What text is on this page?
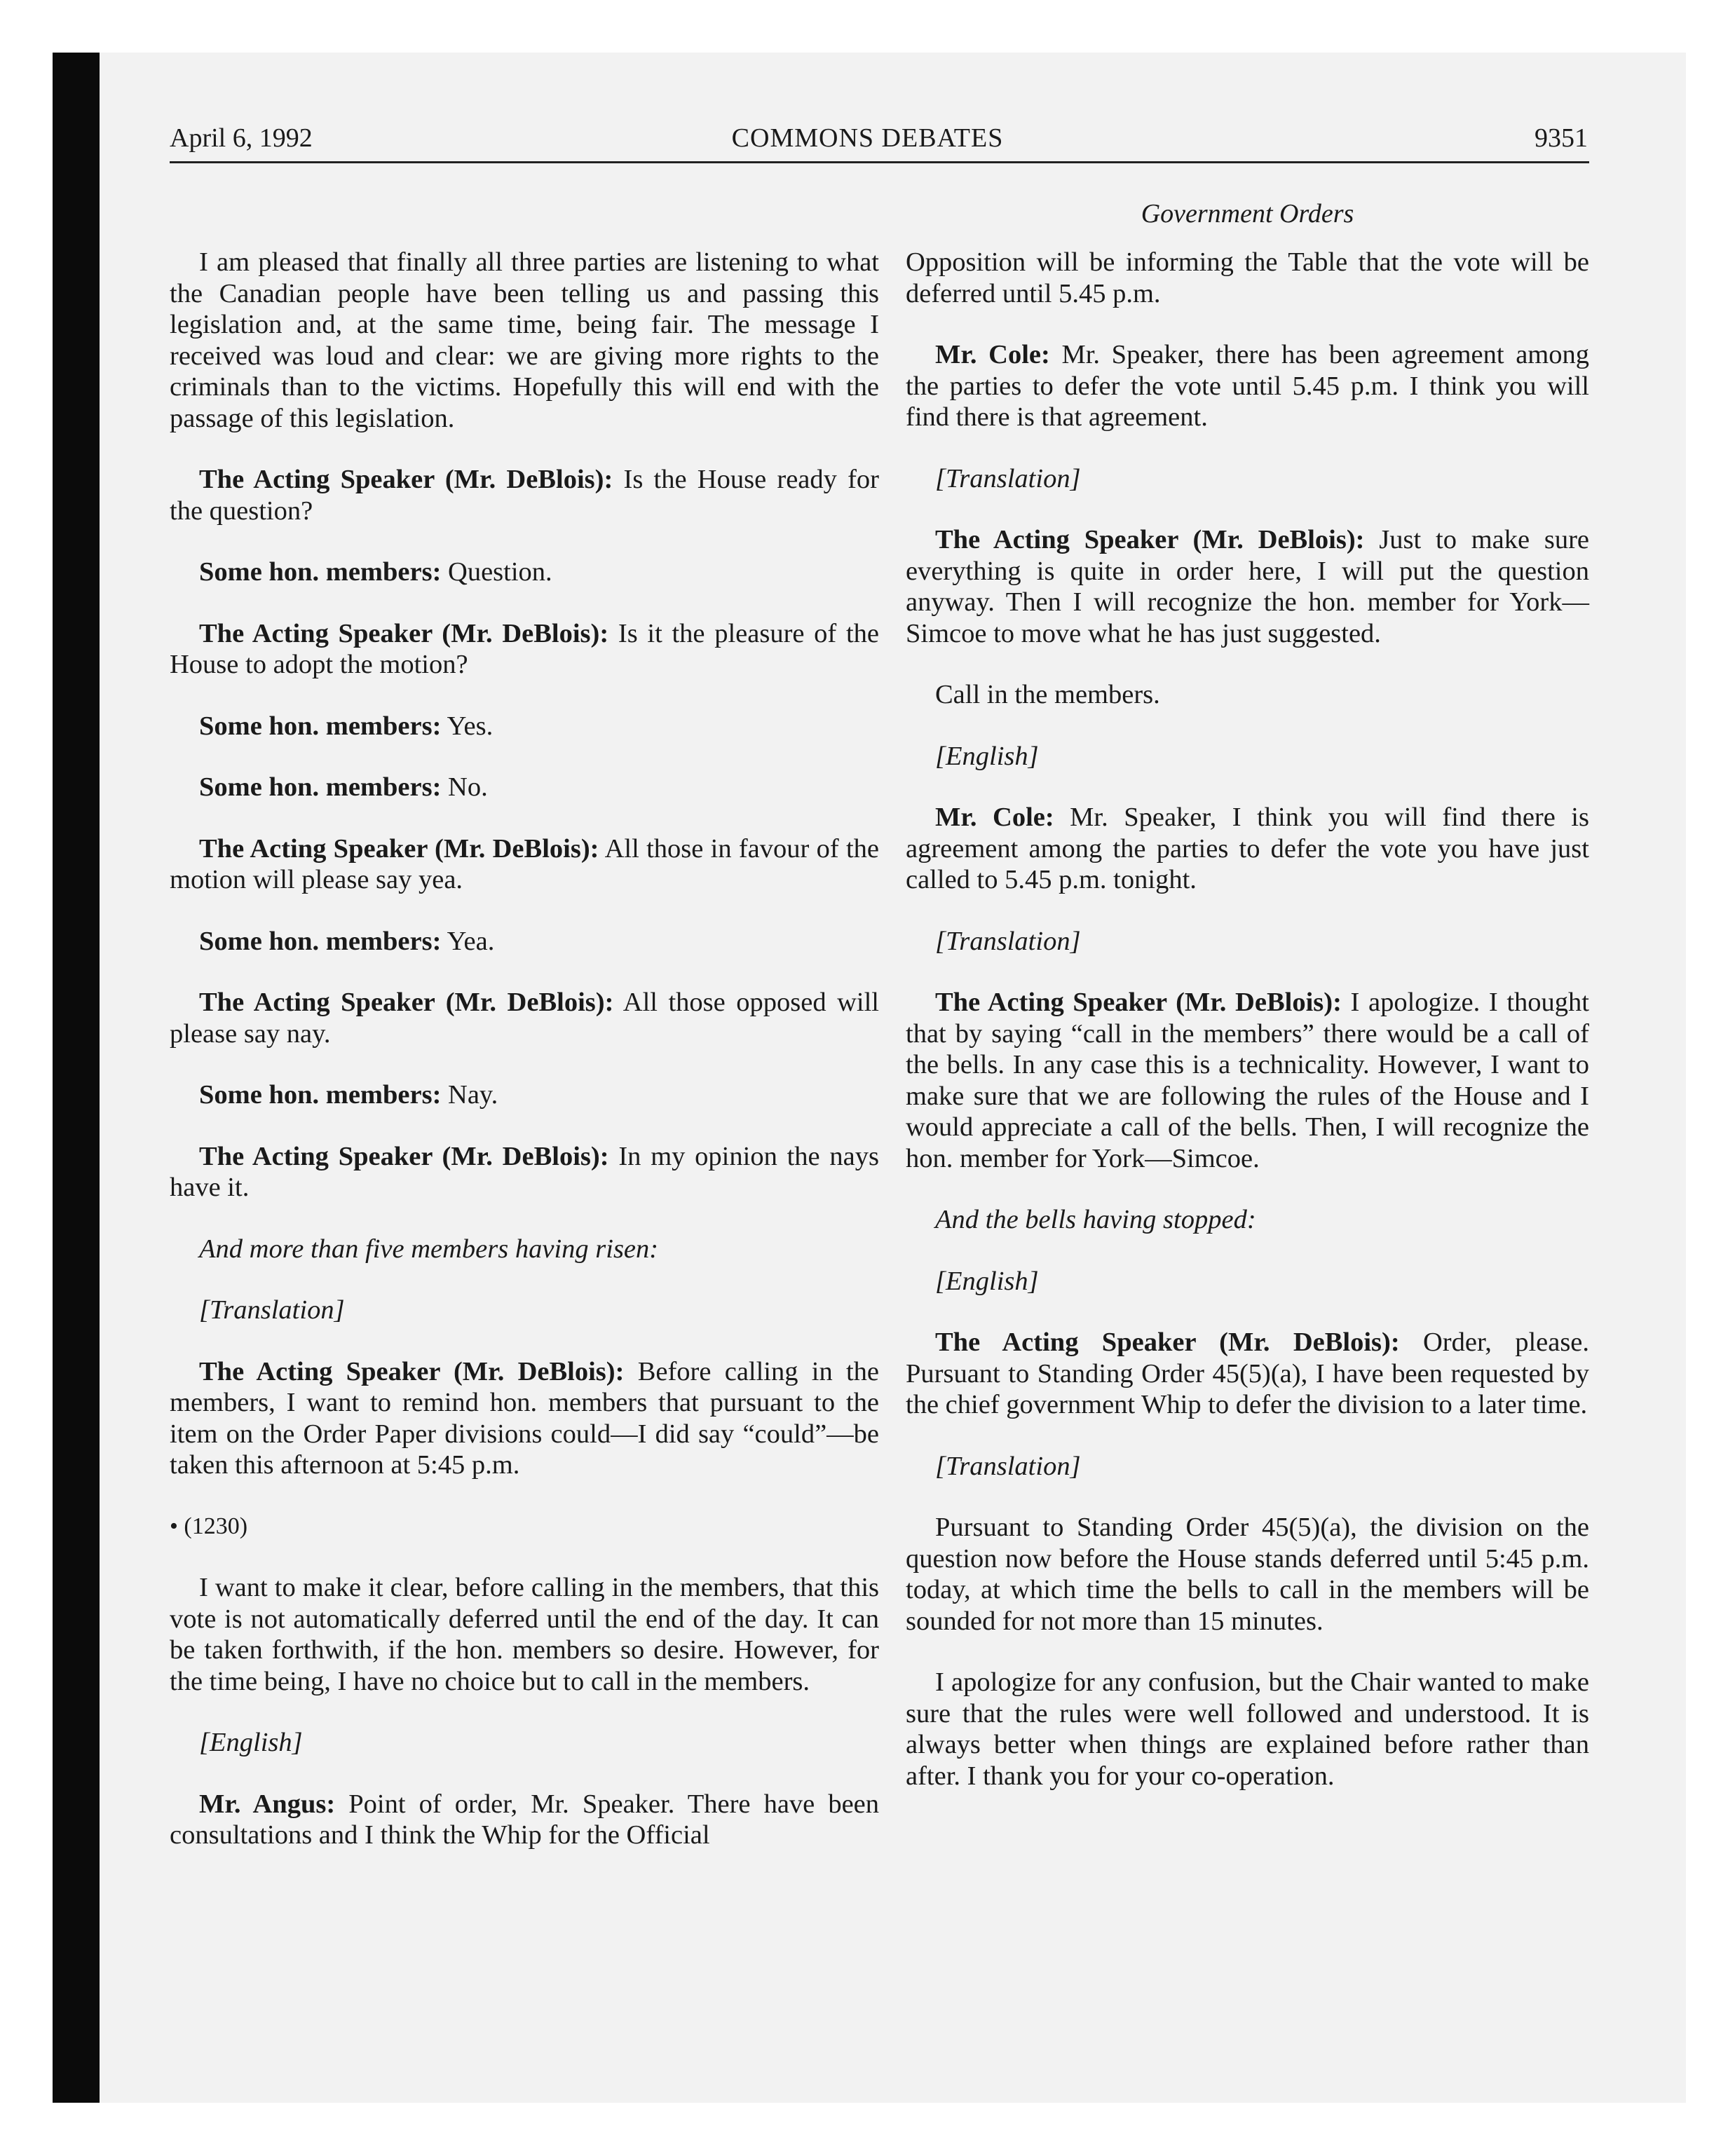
April 6, 1992	COMMONS DEBATES	9351
Government Orders

I am pleased that finally all three parties are listening to what the Canadian people have been telling us and passing this legislation and, at the same time, being fair. The message I received was loud and clear: we are giving more rights to the criminals than to the victims. Hopefully this will end with the passage of this legislation.

The Acting Speaker (Mr. DeBlois): Is the House ready for the question?

Some hon. members: Question.

The Acting Speaker (Mr. DeBlois): Is it the pleasure of the House to adopt the motion?

Some hon. members: Yes.

Some hon. members: No.

The Acting Speaker (Mr. DeBlois): All those in favour of the motion will please say yea.

Some hon. members: Yea.

The Acting Speaker (Mr. DeBlois): All those opposed will please say nay.

Some hon. members: Nay.

The Acting Speaker (Mr. DeBlois): In my opinion the nays have it.

And more than five members having risen:

[Translation]

The Acting Speaker (Mr. DeBlois): Before calling in the members, I want to remind hon. members that pursuant to the item on the Order Paper divisions could—I did say “could”—be taken this afternoon at 5:45 p.m.

• (1230)

I want to make it clear, before calling in the members, that this vote is not automatically deferred until the end of the day. It can be taken forthwith, if the hon. members so desire. However, for the time being, I have no choice but to call in the members.

[English]

Mr. Angus: Point of order, Mr. Speaker. There have been consultations and I think the Whip for the Official

Opposition will be informing the Table that the vote will be deferred until 5.45 p.m.

Mr. Cole: Mr. Speaker, there has been agreement among the parties to defer the vote until 5.45 p.m. I think you will find there is that agreement.

[Translation]

The Acting Speaker (Mr. DeBlois): Just to make sure everything is quite in order here, I will put the question anyway. Then I will recognize the hon. member for York—Simcoe to move what he has just suggested.

Call in the members.

[English]

Mr. Cole: Mr. Speaker, I think you will find there is agreement among the parties to defer the vote you have just called to 5.45 p.m. tonight.

[Translation]

The Acting Speaker (Mr. DeBlois): I apologize. I thought that by saying “call in the members” there would be a call of the bells. In any case this is a technicality. However, I want to make sure that we are following the rules of the House and I would appreciate a call of the bells. Then, I will recognize the hon. member for York—Simcoe.

And the bells having stopped:

[English]

The Acting Speaker (Mr. DeBlois): Order, please. Pursuant to Standing Order 45(5)(a), I have been requested by the chief government Whip to defer the division to a later time.

[Translation]

Pursuant to Standing Order 45(5)(a), the division on the question now before the House stands deferred until 5:45 p.m. today, at which time the bells to call in the members will be sounded for not more than 15 minutes.

I apologize for any confusion, but the Chair wanted to make sure that the rules were well followed and understood. It is always better when things are explained before rather than after. I thank you for your co-operation.
